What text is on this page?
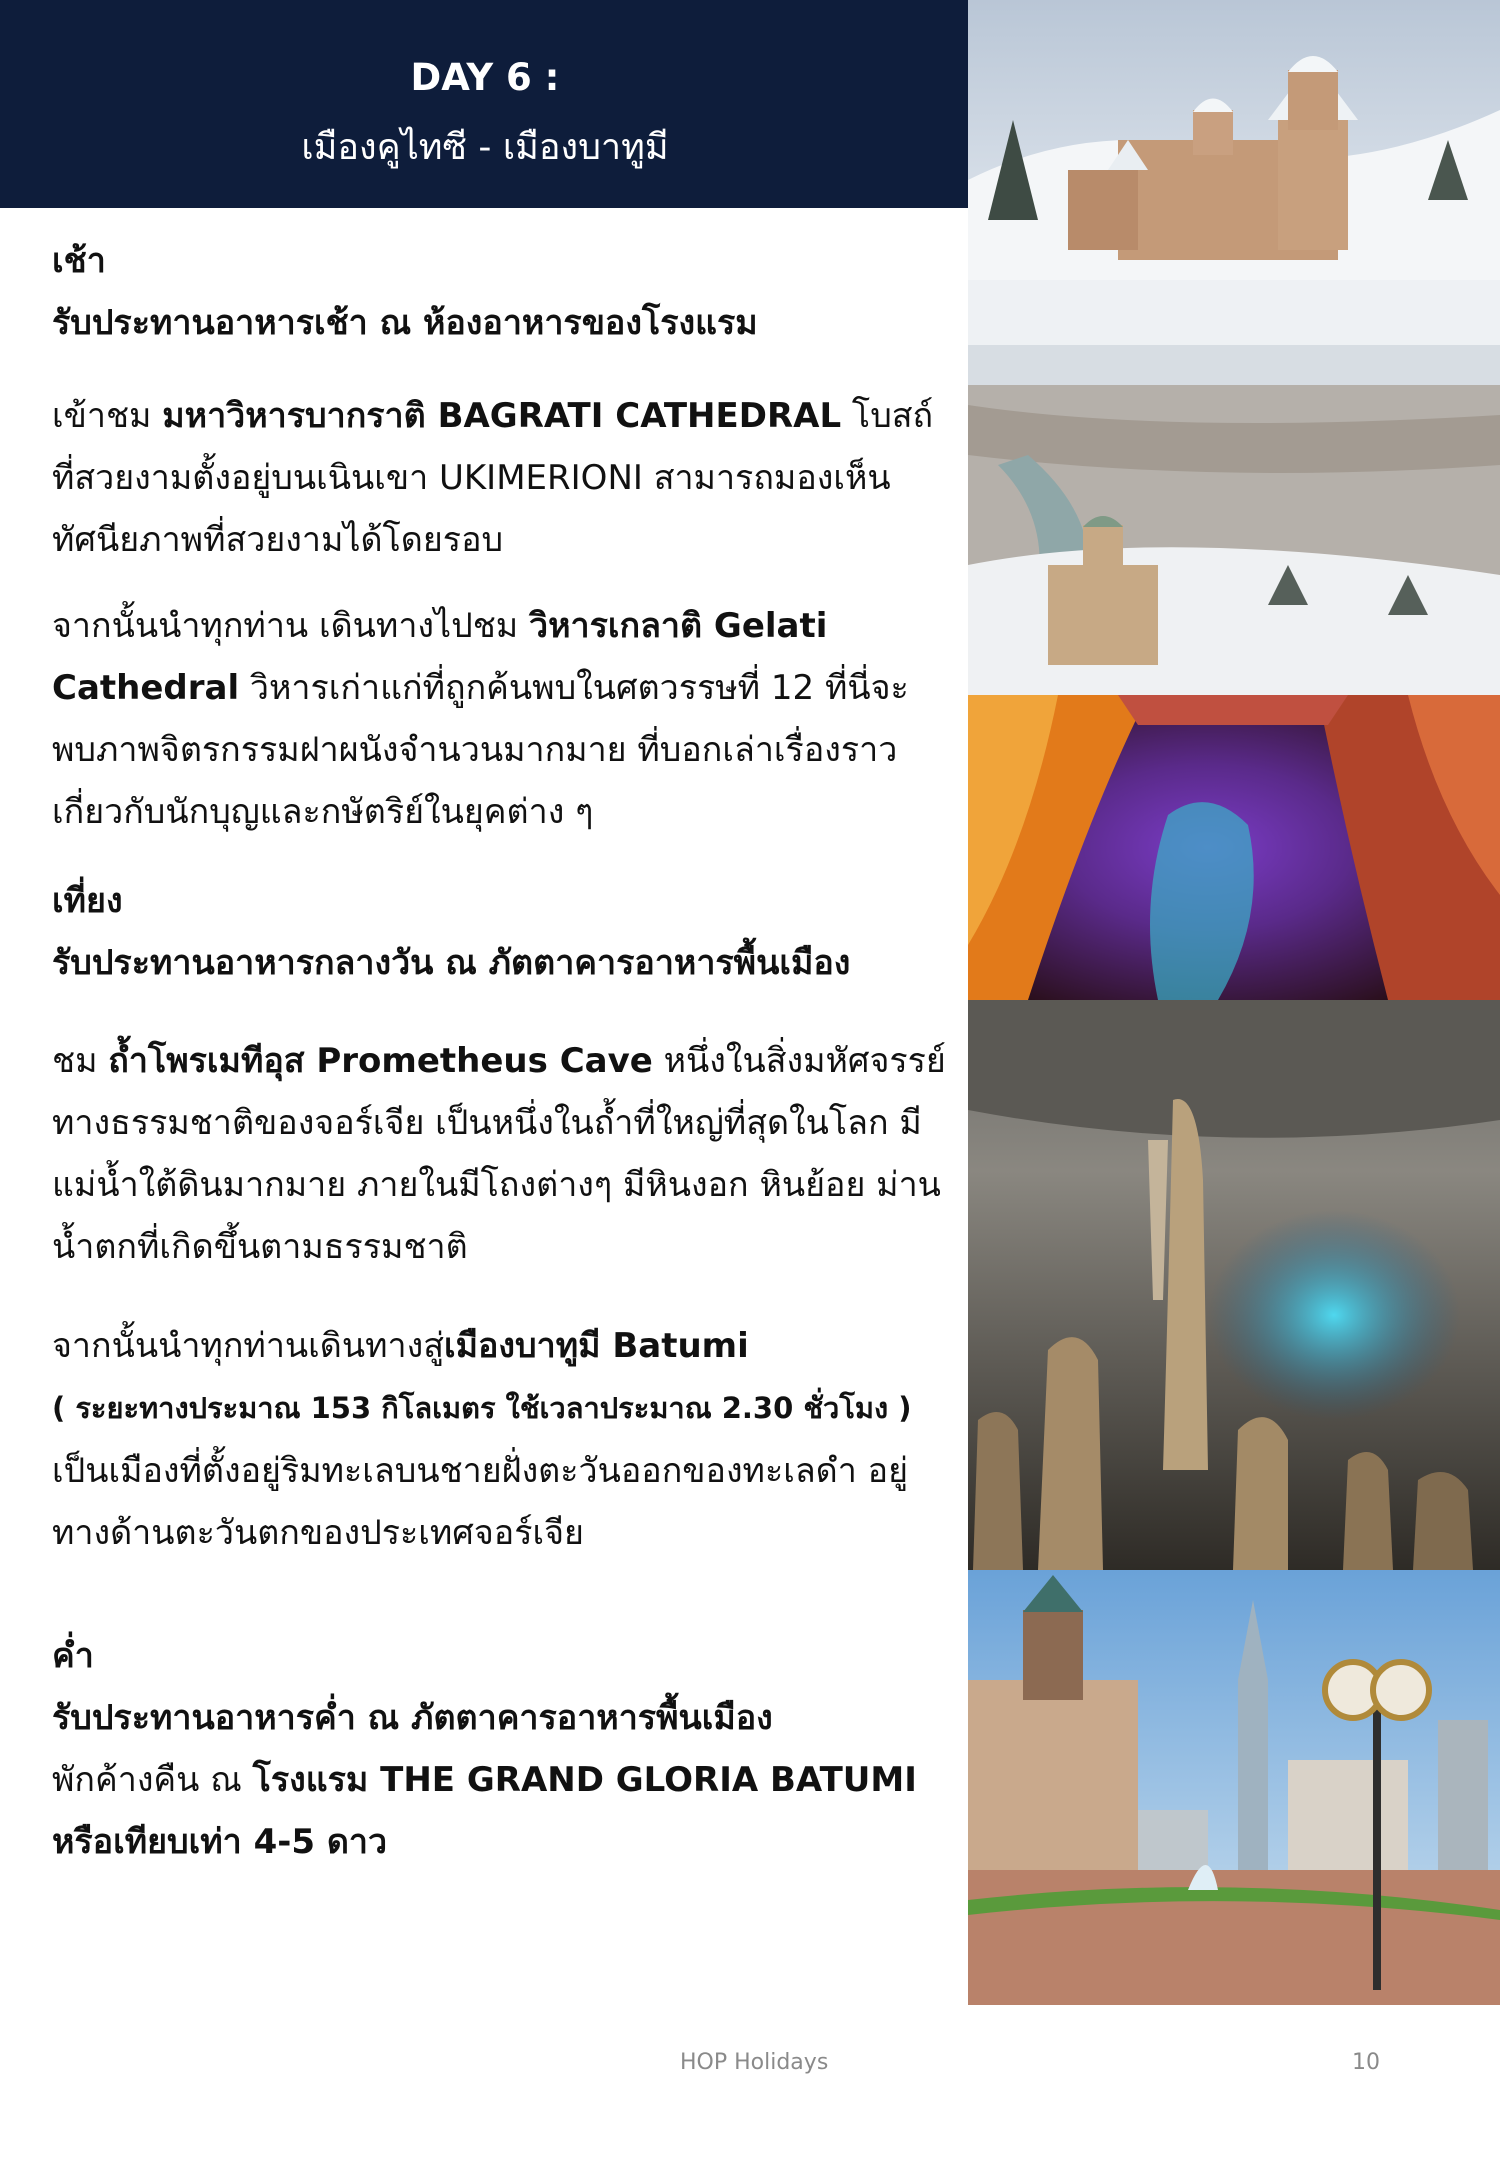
DAY 6 :
เมืองคูไทซี - เมืองบาทูมี
เช้า
รับประทานอาหารเช้า ณ ห้องอาหารของโรงแรม
เข้าชม มหาวิหารบากราติ BAGRATI CATHEDRAL โบสถ์ที่สวยงามตั้งอยู่บนเนินเขา UKIMERIONI สามารถมองเห็นทัศนียภาพที่สวยงามได้โดยรอบ
จากนั้นนำทุกท่าน เดินทางไปชม วิหารเกลาติ Gelati Cathedral วิหารเก่าแก่ที่ถูกค้นพบในศตวรรษที่ 12 ที่นี่จะพบภาพจิตรกรรมฝาผนังจำนวนมากมาย ที่บอกเล่าเรื่องราวเกี่ยวกับนักบุญและกษัตริย์ในยุคต่าง ๆ
เที่ยง
รับประทานอาหารกลางวัน ณ ภัตตาคารอาหารพื้นเมือง
ชม ถ้ำโพรเมทีอุส Prometheus Cave หนึ่งในสิ่งมหัศจรรย์ทางธรรมชาติของจอร์เจีย เป็นหนึ่งในถ้ำที่ใหญ่ที่สุดในโลก มีแม่น้ำใต้ดินมากมาย ภายในมีโถงต่างๆ มีหินงอก หินย้อย ม่านน้ำตกที่เกิดขึ้นตามธรรมชาติ
จากนั้นนำทุกท่านเดินทางสู่เมืองบาทูมี Batumi
( ระยะทางประมาณ 153 กิโลเมตร ใช้เวลาประมาณ 2.30 ชั่วโมง )
เป็นเมืองที่ตั้งอยู่ริมทะเลบนชายฝั่งตะวันออกของทะเลดำ อยู่ทางด้านตะวันตกของประเทศจอร์เจีย
ค่ำ
รับประทานอาหารค่ำ ณ ภัตตาคารอาหารพื้นเมือง
พักค้างคืน ณ โรงแรม THE GRAND GLORIA BATUMI
หรือเทียบเท่า 4-5 ดาว
HOP Holidays	10
